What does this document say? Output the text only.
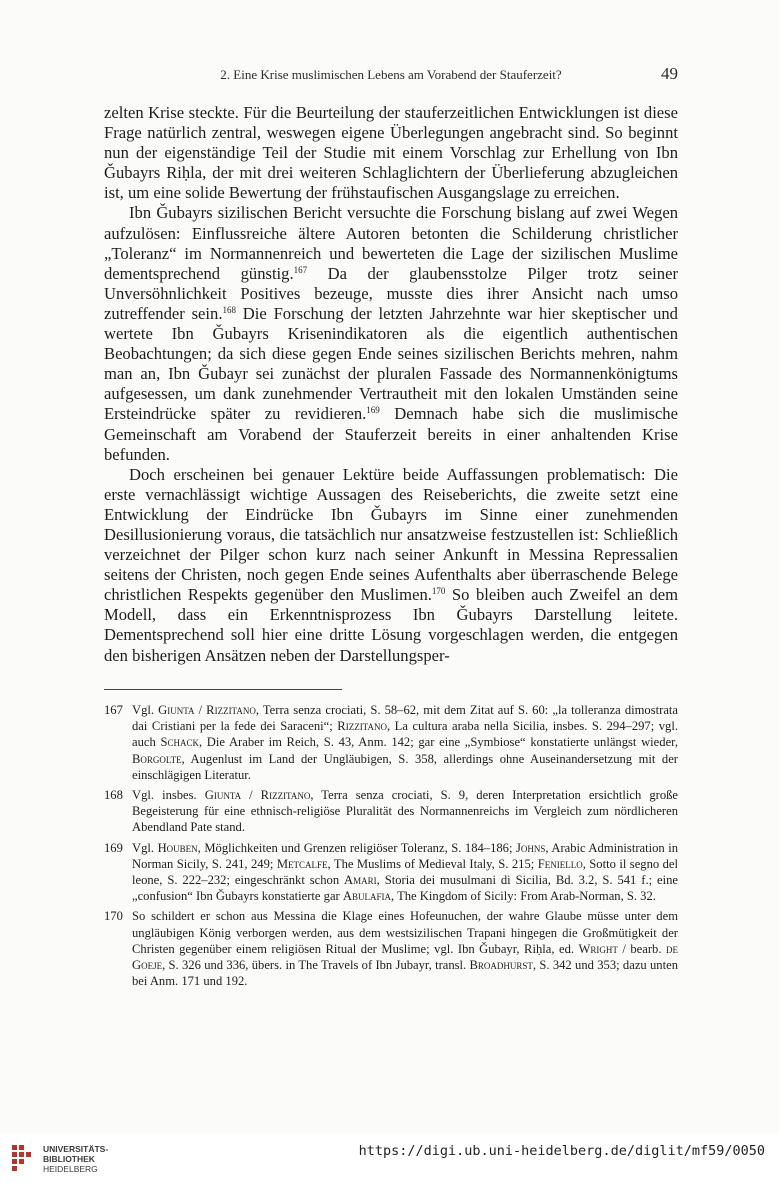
2. Eine Krise muslimischen Lebens am Vorabend der Stauferzeit?	49

zelten Krise steckte. Für die Beurteilung der stauferzeitlichen Entwicklungen ist diese Frage natürlich zentral, weswegen eigene Überlegungen angebracht sind. So beginnt nun der eigenständige Teil der Studie mit einem Vorschlag zur Erhellung von Ibn Ǧubayrs Riḥla, der mit drei weiteren Schlaglichtern der Überlieferung abzugleichen ist, um eine solide Bewertung der frühstaufischen Ausgangslage zu erreichen.

Ibn Ǧubayrs sizilischen Bericht versuchte die Forschung bislang auf zwei Wegen aufzulösen: Einflussreiche ältere Autoren betonten die Schilderung christlicher „Toleranz“ im Normannenreich und bewerteten die Lage der sizilischen Muslime dementsprechend günstig.$^{167}$ Da der glaubensstolze Pilger trotz seiner Unversöhnlichkeit Positives bezeuge, musste dies ihrer Ansicht nach umso zutreffender sein.$^{168}$ Die Forschung der letzten Jahrzehnte war hier skeptischer und wertete Ibn Ǧubayrs Krisenindikatoren als die eigentlich authentischen Beobachtungen; da sich diese gegen Ende seines sizilischen Berichts mehren, nahm man an, Ibn Ǧubayr sei zunächst der pluralen Fassade des Normannenkönigtums aufgesessen, um dank zunehmender Vertrautheit mit den lokalen Umständen seine Ersteindrücke später zu revidieren.$^{169}$ Demnach habe sich die muslimische Gemeinschaft am Vorabend der Stauferzeit bereits in einer anhaltenden Krise befunden.

Doch erscheinen bei genauer Lektüre beide Auffassungen problematisch: Die erste vernachlässigt wichtige Aussagen des Reiseberichts, die zweite setzt eine Entwicklung der Eindrücke Ibn Ǧubayrs im Sinne einer zunehmenden Desillusionierung voraus, die tatsächlich nur ansatzweise festzustellen ist: Schließlich verzeichnet der Pilger schon kurz nach seiner Ankunft in Messina Repressalien seitens der Christen, noch gegen Ende seines Aufenthalts aber überraschende Belege christlichen Respekts gegenüber den Muslimen.$^{170}$ So bleiben auch Zweifel an dem Modell, dass ein Erkenntnisprozess Ibn Ǧubayrs Darstellung leitete. Dementsprechend soll hier eine dritte Lösung vorgeschlagen werden, die entgegen den bisherigen Ansätzen neben der Darstellungsper-

167 Vgl. Giunta / Rizzitano, Terra senza crociati, S. 58–62, mit dem Zitat auf S. 60: „la tolleranza dimostrata dai Cristiani per la fede dei Saraceni“; Rizzitano, La cultura araba nella Sicilia, insbes. S. 294–297; vgl. auch Schack, Die Araber im Reich, S. 43, Anm. 142; gar eine „Symbiose“ konstatierte unlängst wieder, Borgolte, Augenlust im Land der Ungläubigen, S. 358, allerdings ohne Auseinandersetzung mit der einschlägigen Literatur.
168 Vgl. insbes. Giunta / Rizzitano, Terra senza crociati, S. 9, deren Interpretation ersichtlich große Begeisterung für eine ethnisch-religiöse Pluralität des Normannenreichs im Vergleich zum nördlicheren Abendland Pate stand.
169 Vgl. Houben, Möglichkeiten und Grenzen religiöser Toleranz, S. 184–186; Johns, Arabic Administration in Norman Sicily, S. 241, 249; Metcalfe, The Muslims of Medieval Italy, S. 215; Feniello, Sotto il segno del leone, S. 222–232; eingeschränkt schon Amari, Storia dei musulmani di Sicilia, Bd. 3.2, S. 541 f.; eine „confusion“ Ibn Ǧubayrs konstatierte gar Abulafia, The Kingdom of Sicily: From Arab-Norman, S. 32.
170 So schildert er schon aus Messina die Klage eines Hofeunuchen, der wahre Glaube müsse unter dem ungläubigen König verborgen werden, aus dem westsizilischen Trapani hingegen die Großmütigkeit der Christen gegenüber einem religiösen Ritual der Muslime; vgl. Ibn Ǧubayr, Riḥla, ed. Wright / bearb. de Goeje, S. 326 und 336, übers. in The Travels of Ibn Jubayr, transl. Broadhurst, S. 342 und 353; dazu unten bei Anm. 171 und 192.
UNIVERSITÄTS-
BIBLIOTHEK
HEIDELBERG
https://digi.ub.uni-heidelberg.de/diglit/mf59/0050
